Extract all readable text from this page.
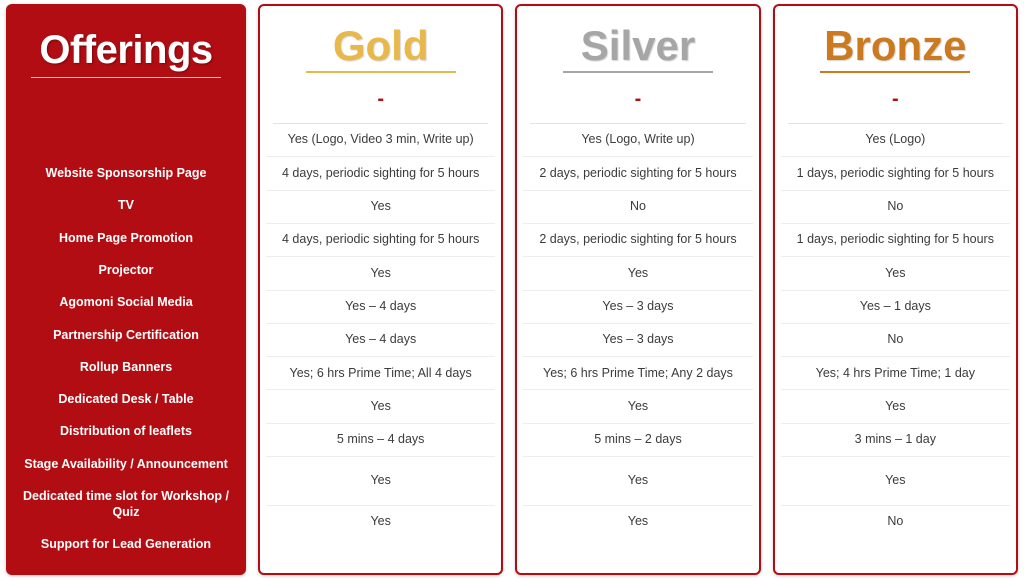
Offerings
Website Sponsorship Page
TV
Home Page Promotion
Projector
Agomoni Social Media
Partnership Certification
Rollup Banners
Dedicated Desk / Table
Distribution of leaflets
Stage Availability / Announcement
Dedicated time slot for Workshop / Quiz
Support for Lead Generation
Gold
-
Yes (Logo, Video 3 min, Write up)
4 days, periodic sighting for 5 hours
Yes
4 days, periodic sighting for 5 hours
Yes
Yes – 4 days
Yes – 4 days
Yes; 6 hrs Prime Time; All 4 days
Yes
5 mins – 4 days
Yes
Yes
Silver
-
Yes (Logo, Write up)
2 days, periodic sighting for 5 hours
No
2 days, periodic sighting for 5 hours
Yes
Yes – 3 days
Yes – 3 days
Yes; 6 hrs Prime Time; Any 2 days
Yes
5 mins – 2 days
Yes
Yes
Bronze
-
Yes (Logo)
1 days, periodic sighting for 5 hours
No
1 days, periodic sighting for 5 hours
Yes
Yes – 1 days
No
Yes; 4 hrs Prime Time; 1 day
Yes
3 mins – 1 day
Yes
No
